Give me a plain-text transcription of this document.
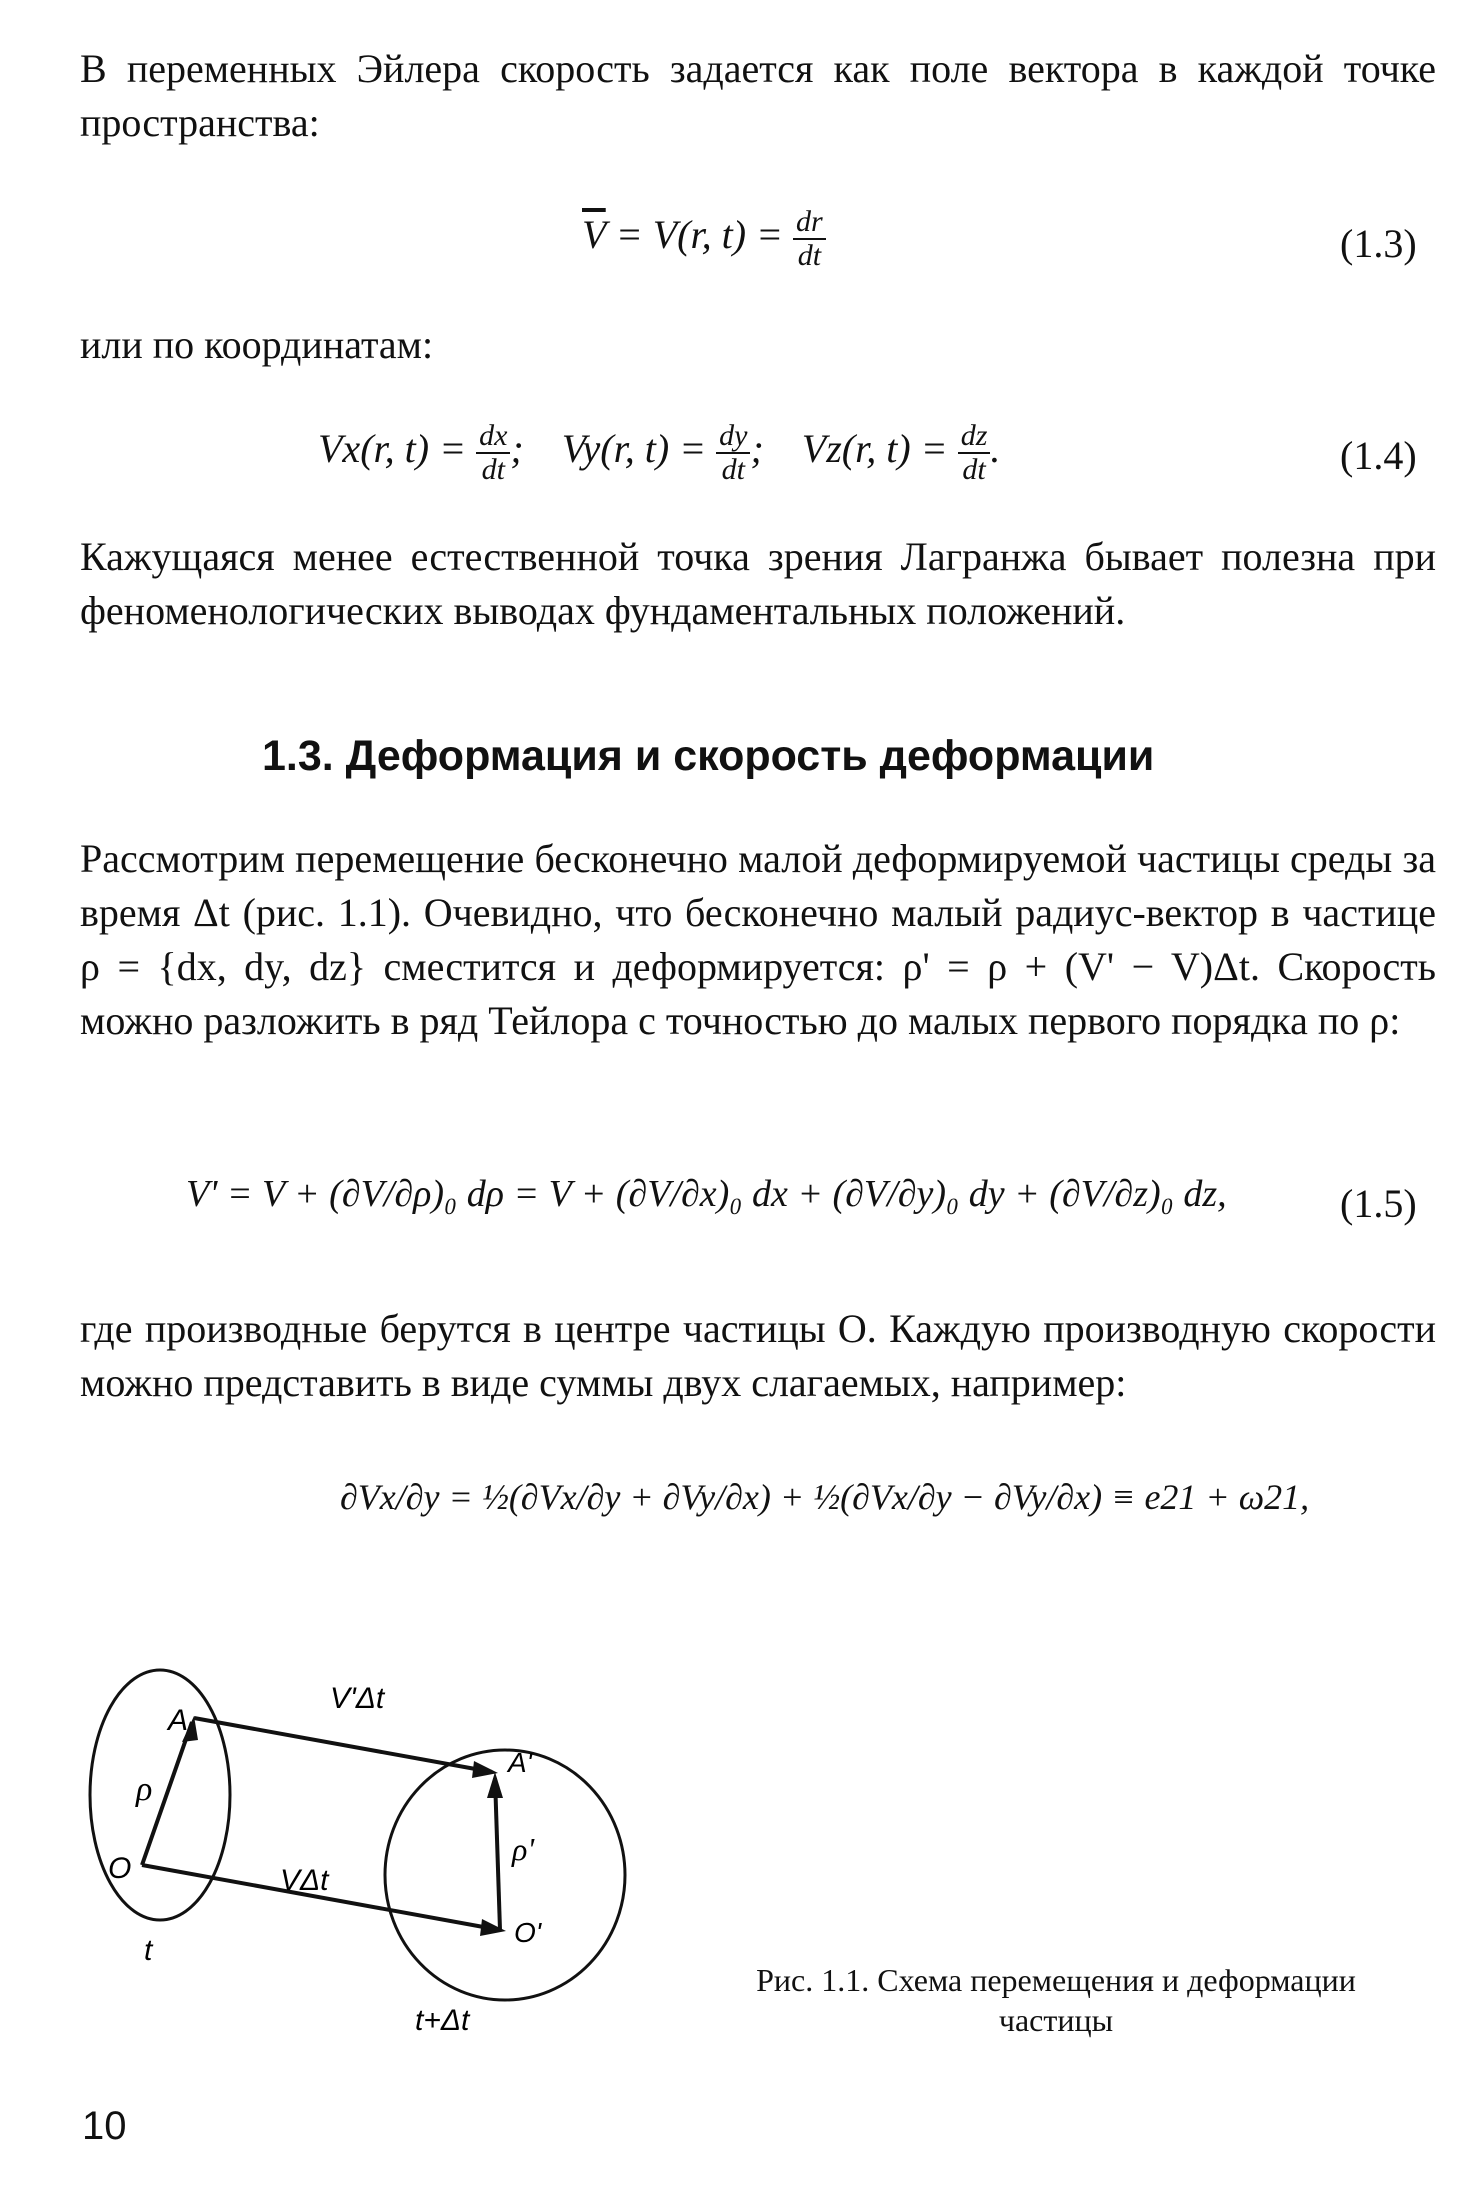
В переменных Эйлера скорость задается как поле вектора в каждой точке пространства:
$\overline{V} = V(r$, $t) = \frac{dr}{dt}$	(1.3)
или по координатам:
Vx(r, $t) = \frac{dx}{dt}$ ; Vy(r, $t) = \frac{dy}{dt}$ ; Vz(r, $t) = \frac{dz}{dt}$ .	(1.4)
Кажущаяся менее естественной точка зрения Лагранжа бывает полезна при феноменологических выводах фундаментальных положений.
1.3. Деформация и скорость деформации
Рассмотрим перемещение бесконечно малой деформируемой частицы среды за время Δt (рис. 1.1). Очевидно, что бесконечно малый радиус-вектор в частице ρ = {dx, dy, dz} сместится и деформируется: ρ' = ρ + (V' − V)Δt. Скорость можно разложить в ряд Тейлора с точностью до малых первого порядка по ρ:
V' = V + (∂V/∂ρ)₀ dρ = V + (∂V/∂x)₀ dx + (∂V/∂y)₀ dy + (∂V/∂z)₀ dz,	(1.5)
где производные берутся в центре частицы O. Каждую производную скорости можно представить в виде суммы двух слагаемых, например:
∂Vx/∂y = ½(∂Vx/∂y + ∂Vy/∂x) + ½(∂Vx/∂y − ∂Vy/∂x) ≡ e21 + ω21,
A
O
A'
O'
ρ
ρ'
V'Δt
VΔt
t
t+Δt
Рис. 1.1. Схема перемещения и деформации
частицы
10
